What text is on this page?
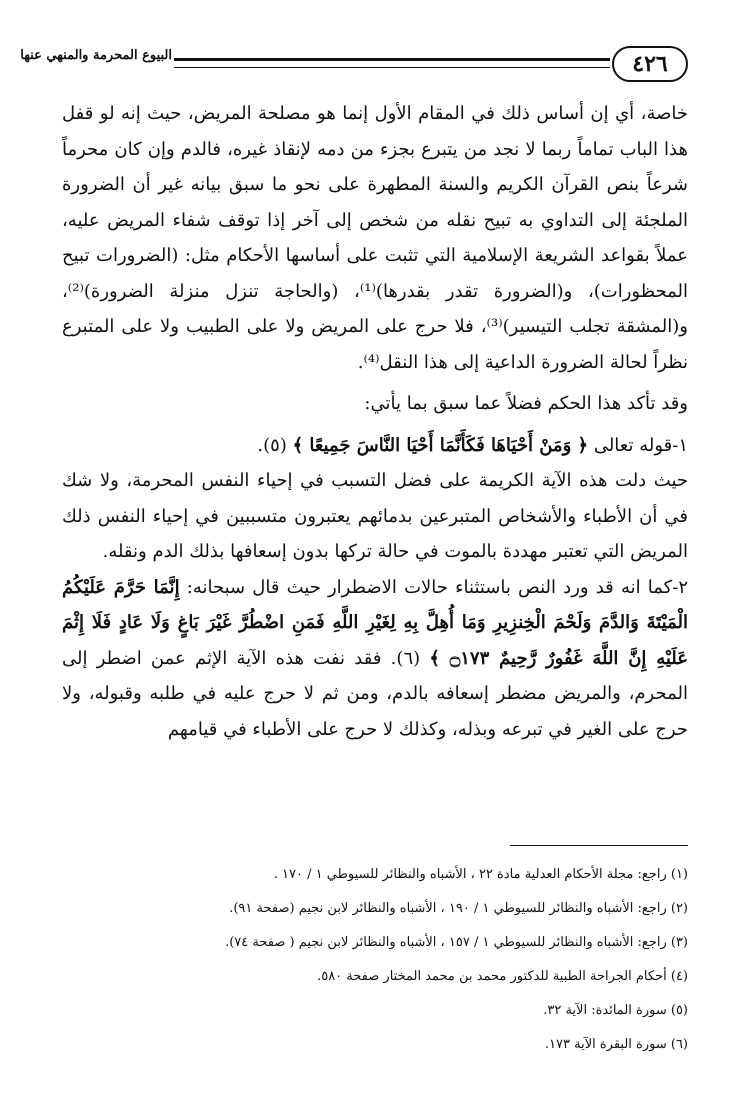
البيوع المحرمة والمنهي عنها	٤٢٦

خاصة، أي إن أساس ذلك في المقام الأول إنما هو مصلحة المريض، حيث إنه لو قفل هذا الباب تماماً ربما لا نجد من يتبرع بجزء من دمه لإنقاذ غيره، فالدم وإن كان محرماً شرعاً بنص القرآن الكريم والسنة المطهرة على نحو ما سبق بيانه غير أن الضرورة الملجئة إلى التداوي به تبيح نقله من شخص إلى آخر إذا توقف شفاء المريض عليه، عملاً بقواعد الشريعة الإسلامية التي تثبت على أساسها الأحكام مثل: (الضرورات تبيح المحظورات)، و(الضرورة تقدر بقدرها)⁽¹⁾، (والحاجة تنزل منزلة الضرورة)⁽²⁾، و(المشقة تجلب التيسير)⁽³⁾، فلا حرج على المريض ولا على الطبيب ولا على المتبرع نظراً لحالة الضرورة الداعية إلى هذا النقل⁽⁴⁾.

وقد تأكد هذا الحكم فضلاً عما سبق بما يأتي:

١-قوله تعالى ﴿ وَمَنْ أَحْيَاهَا فَكَأَنَّمَا أَحْيَا النَّاسَ جَمِيعًا ﴾ (٥).

حيث دلت هذه الآية الكريمة على فضل التسبب في إحياء النفس المحرمة، ولا شك في أن الأطباء والأشخاص المتبرعين بدمائهم يعتبرون متسببين في إحياء النفس ذلك المريض التي تعتبر مهددة بالموت في حالة تركها بدون إسعافها بذلك الدم ونقله.

٢-كما انه قد ورد النص باستثناء حالات الاضطرار حيث قال سبحانه: إِنَّمَا حَرَّمَ عَلَيْكُمُ الْمَيْتَةَ وَالدَّمَ وَلَحْمَ الْخِنزِيرِ وَمَا أُهِلَّ بِهِ لِغَيْرِ اللَّهِ فَمَنِ اضْطُرَّ غَيْرَ بَاغٍ وَلَا عَادٍ فَلَا إِثْمَ عَلَيْهِ إِنَّ اللَّهَ غَفُورٌ رَّحِيمٌ ۝١٧٣ ﴾ (٦). فقد نفت هذه الآية الإثم عمن اضطر إلى المحرم، والمريض مضطر إسعافه بالدم، ومن ثم لا حرج عليه في طلبه وقبوله، ولا حرج على الغير في تبرعه وبذله، وكذلك لا حرج على الأطباء في قيامهم

(١) راجع: مجلة الأحكام العدلية مادة ٢٢ ، الأشباه والنظائر للسيوطي ١ / ١٧٠ .
(٢) راجع: الأشباه والنظائر للسيوطي ١ / ١٩٠ ، الأشباه والنظائر لابن نجيم (صفحة ٩١).
(٣) راجع: الأشباه والنظائر للسيوطي ١ / ١٥٧ ، الأشباه والنظائر لابن نجيم ( صفحة ٧٤).
(٤) أحكام الجراحة الطبية للدكتور محمد بن محمد المختار صفحة ٥٨٠.
(٥) سورة المائدة: الآية ٣٢.
(٦) سورة البقرة الآية ١٧٣.
